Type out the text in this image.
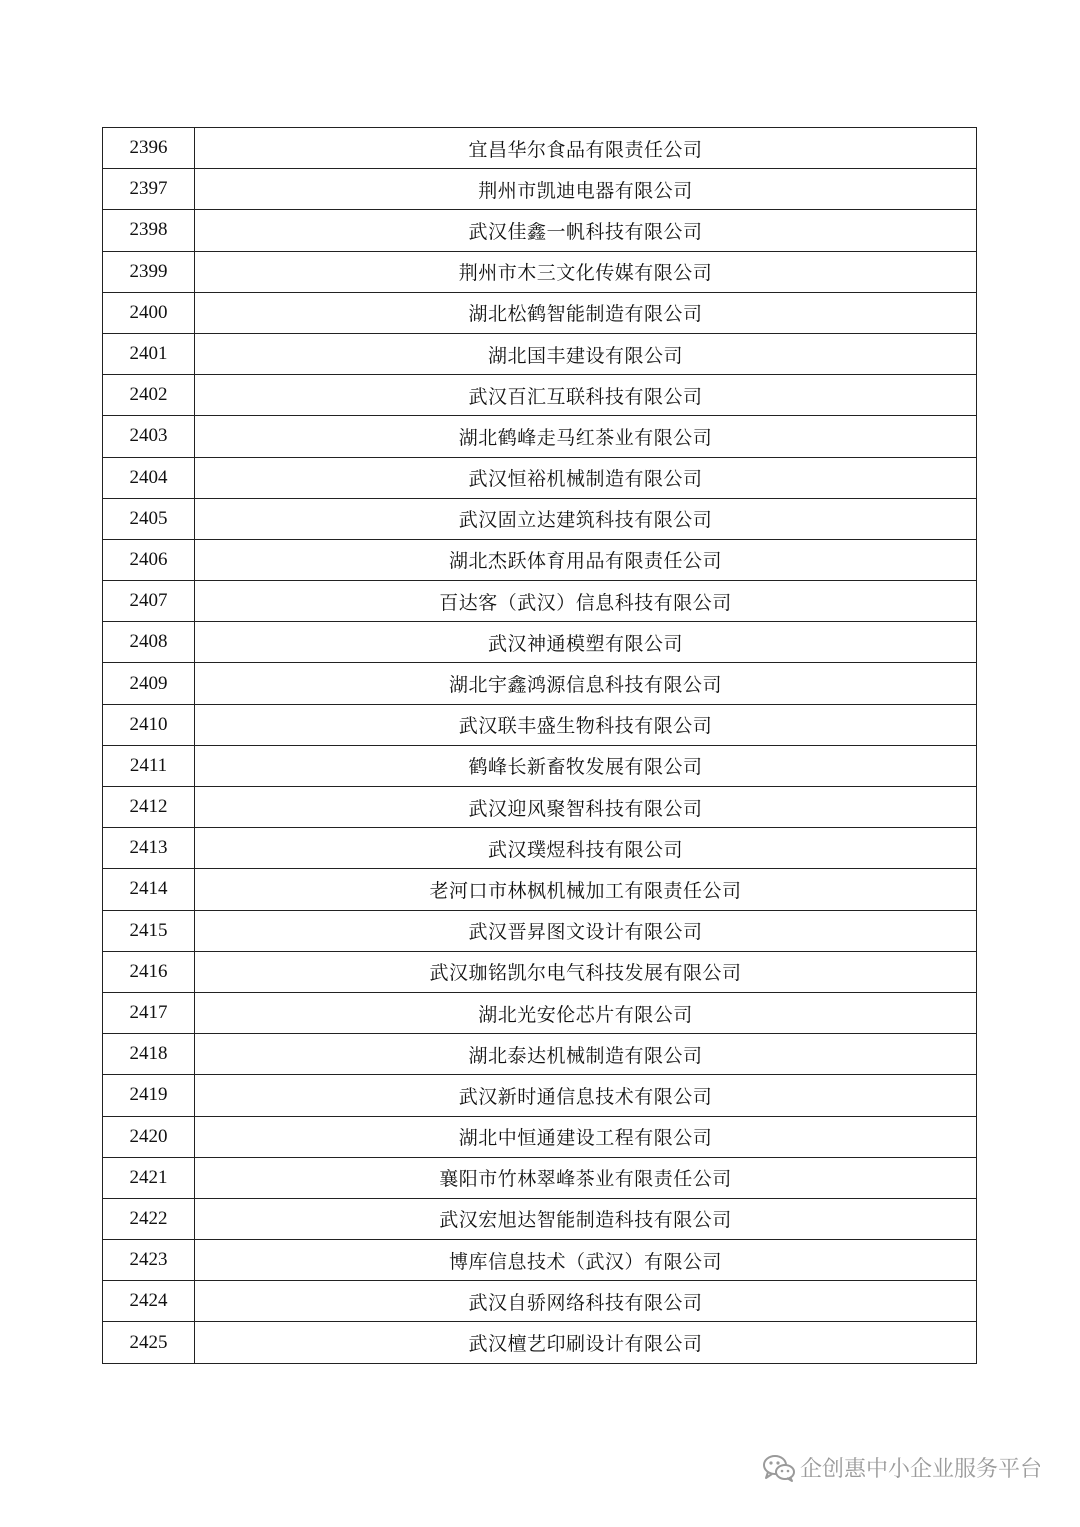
2396	宜昌华尔食品有限责任公司
2397	荆州市凯迪电器有限公司
2398	武汉佳鑫一帆科技有限公司
2399	荆州市木三文化传媒有限公司
2400	湖北松鹤智能制造有限公司
2401	湖北国丰建设有限公司
2402	武汉百汇互联科技有限公司
2403	湖北鹤峰走马红茶业有限公司
2404	武汉恒裕机械制造有限公司
2405	武汉固立达建筑科技有限公司
2406	湖北杰跃体育用品有限责任公司
2407	百达客（武汉）信息科技有限公司
2408	武汉神通模塑有限公司
2409	湖北宇鑫鸿源信息科技有限公司
2410	武汉联丰盛生物科技有限公司
2411	鹤峰长新畜牧发展有限公司
2412	武汉迎风聚智科技有限公司
2413	武汉璞煜科技有限公司
2414	老河口市林枫机械加工有限责任公司
2415	武汉晋昇图文设计有限公司
2416	武汉珈铭凯尔电气科技发展有限公司
2417	湖北光安伦芯片有限公司
2418	湖北泰达机械制造有限公司
2419	武汉新时通信息技术有限公司
2420	湖北中恒通建设工程有限公司
2421	襄阳市竹林翠峰茶业有限责任公司
2422	武汉宏旭达智能制造科技有限公司
2423	博库信息技术（武汉）有限公司
2424	武汉自骄网络科技有限公司
2425	武汉檀艺印刷设计有限公司
企创惠中小企业服务平台
